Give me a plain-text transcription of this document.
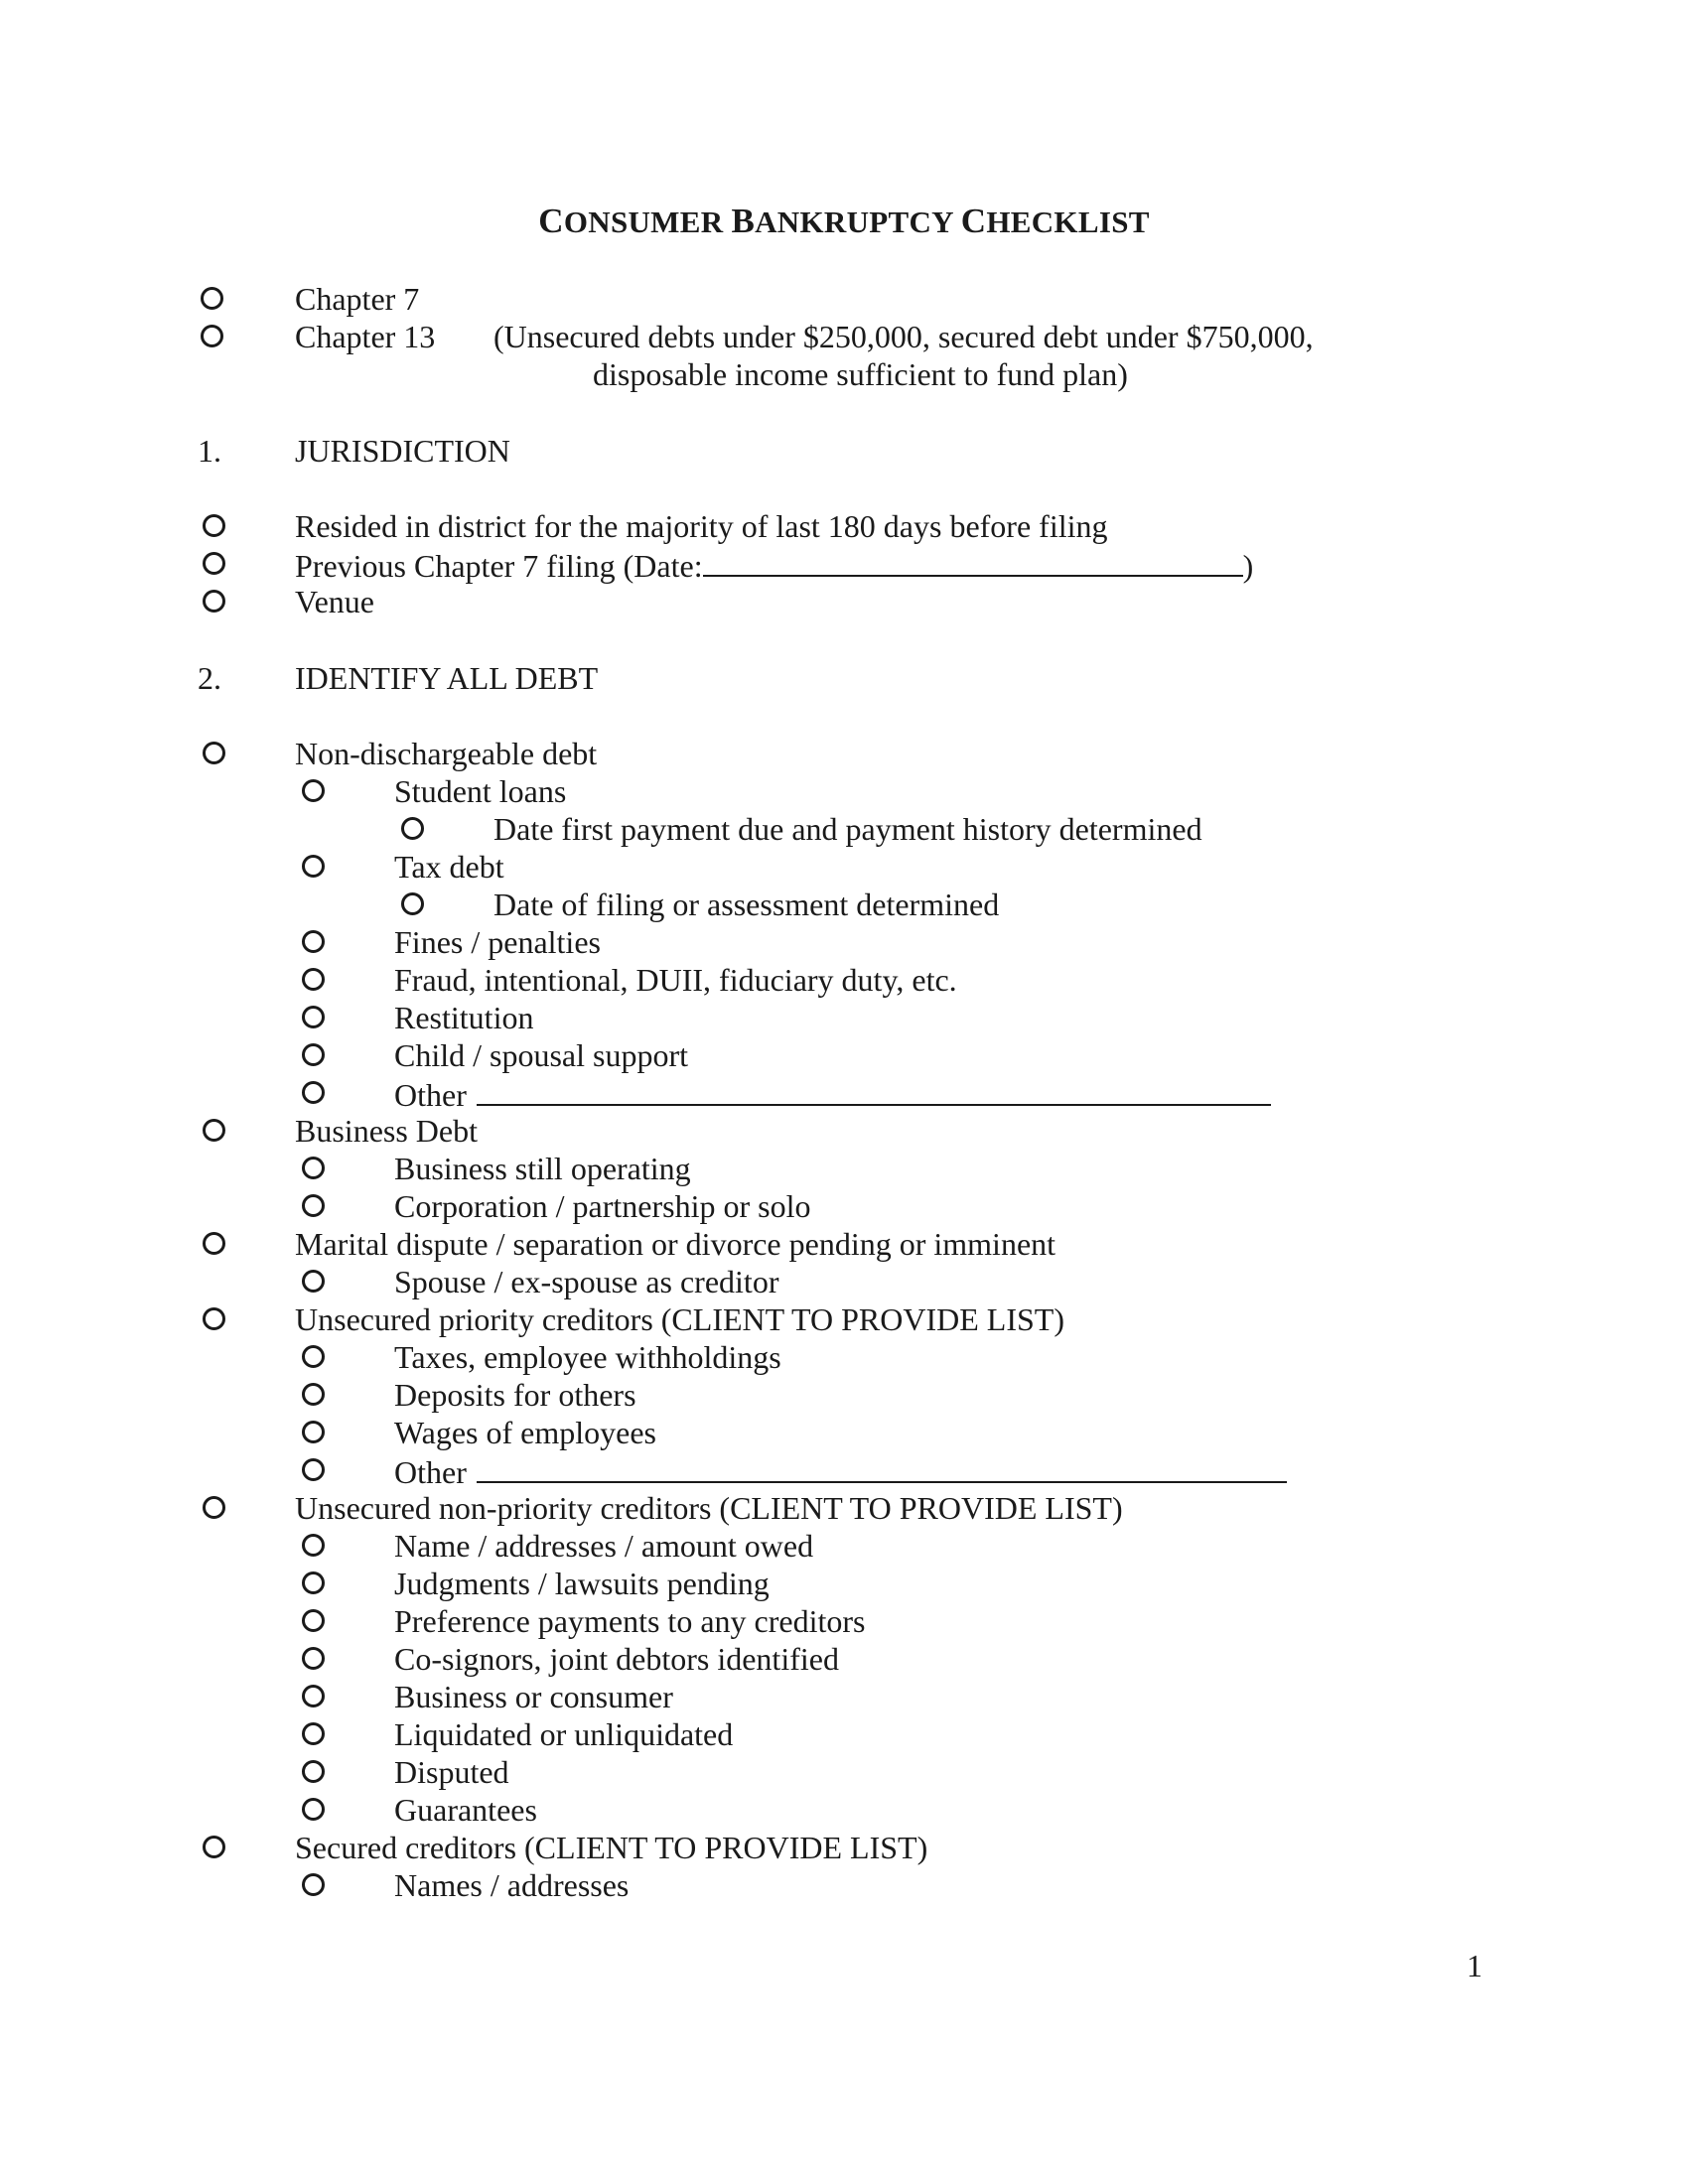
CONSUMER BANKRUPTCY CHECKLIST
Chapter 7
Chapter 13 (Unsecured debts under $250,000, secured debt under $750,000,
disposable income sufficient to fund plan)
1. JURISDICTION
Resided in district for the majority of last 180 days before filing
Previous Chapter 7 filing (Date:	)
Venue
2. IDENTIFY ALL DEBT
Non-dischargeable debt
Student loans
Date first payment due and payment history determined
Tax debt
Date of filing or assessment determined
Fines / penalties
Fraud, intentional, DUII, fiduciary duty, etc.
Restitution
Child / spousal support
Other
Business Debt
Business still operating
Corporation / partnership or solo
Marital dispute / separation or divorce pending or imminent
Spouse / ex-spouse as creditor
Unsecured priority creditors (CLIENT TO PROVIDE LIST)
Taxes, employee withholdings
Deposits for others
Wages of employees
Other
Unsecured non-priority creditors (CLIENT TO PROVIDE LIST)
Name / addresses / amount owed
Judgments / lawsuits pending
Preference payments to any creditors
Co-signors, joint debtors identified
Business or consumer
Liquidated or unliquidated
Disputed
Guarantees
Secured creditors (CLIENT TO PROVIDE LIST)
Names / addresses
1
